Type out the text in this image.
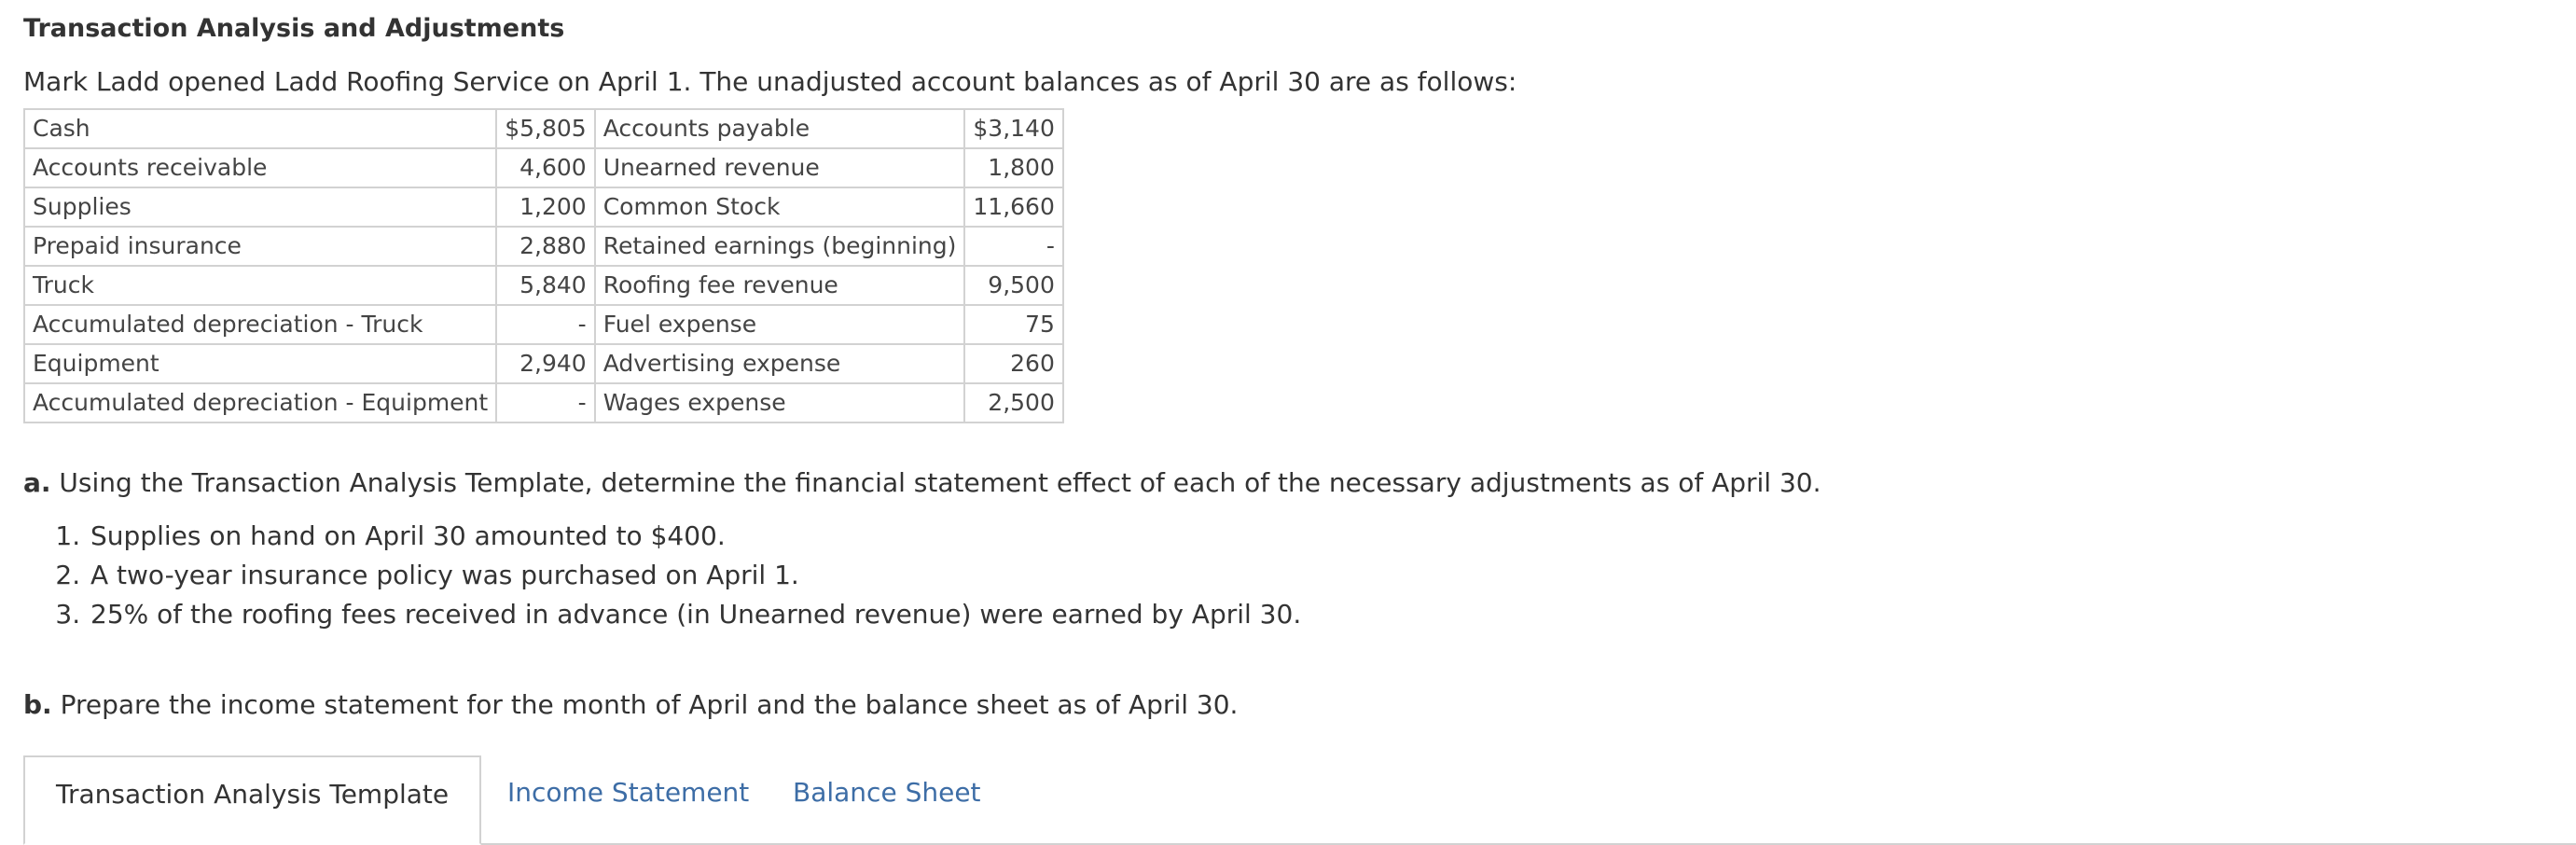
Transaction Analysis and Adjustments
Mark Ladd opened Ladd Roofing Service on April 1. The unadjusted account balances as of April 30 are as follows:
Cash	$5,805	Accounts payable	$3,140
Accounts receivable	4,600	Unearned revenue	1,800
Supplies	1,200	Common Stock	11,660
Prepaid insurance	2,880	Retained earnings (beginning)	-
Truck	5,840	Roofing fee revenue	9,500
Accumulated depreciation - Truck	-	Fuel expense	75
Equipment	2,940	Advertising expense	260
Accumulated depreciation - Equipment	-	Wages expense	2,500
a. Using the Transaction Analysis Template, determine the financial statement effect of each of the necessary adjustments as of April 30.
1. Supplies on hand on April 30 amounted to $400.
2. A two-year insurance policy was purchased on April 1.
3. 25% of the roofing fees received in advance (in Unearned revenue) were earned by April 30.
b. Prepare the income statement for the month of April and the balance sheet as of April 30.
Transaction Analysis Template	Income Statement	Balance Sheet
